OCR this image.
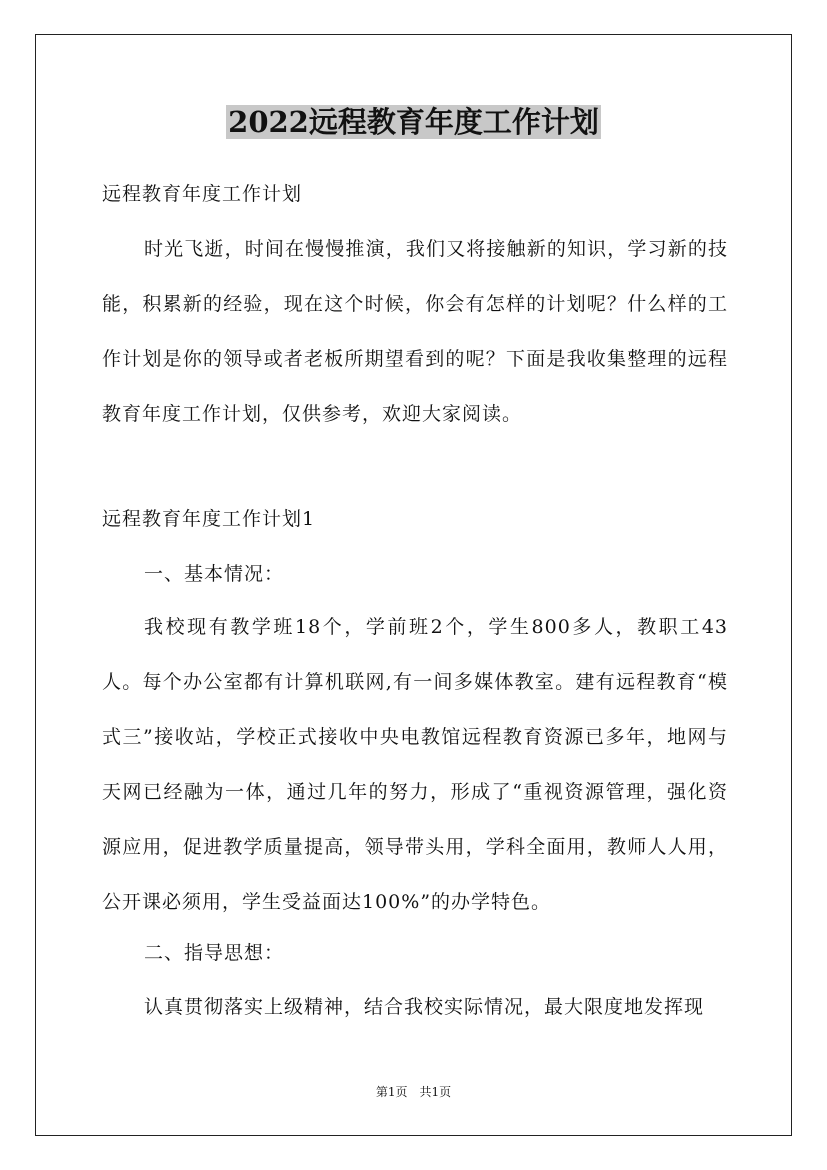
2022远程教育年度工作计划

远程教育年度工作计划

时光飞逝，时间在慢慢推演，我们又将接触新的知识，学习新的技能，积累新的经验，现在这个时候，你会有怎样的计划呢？什么样的工作计划是你的领导或者老板所期望看到的呢？下面是我收集整理的远程教育年度工作计划，仅供参考，欢迎大家阅读。

远程教育年度工作计划1

一、基本情况：

我校现有教学班18个，学前班2个，学生800多人，教职工43人。每个办公室都有计算机联网,有一间多媒体教室。建有远程教育“模式三”接收站，学校正式接收中央电教馆远程教育资源已多年，地网与天网已经融为一体，通过几年的努力，形成了“重视资源管理，强化资源应用，促进教学质量提高，领导带头用，学科全面用，教师人人用，公开课必须用，学生受益面达100%”的办学特色。

二、指导思想：

认真贯彻落实上级精神，结合我校实际情况，最大限度地发挥现

第1页　共1页
